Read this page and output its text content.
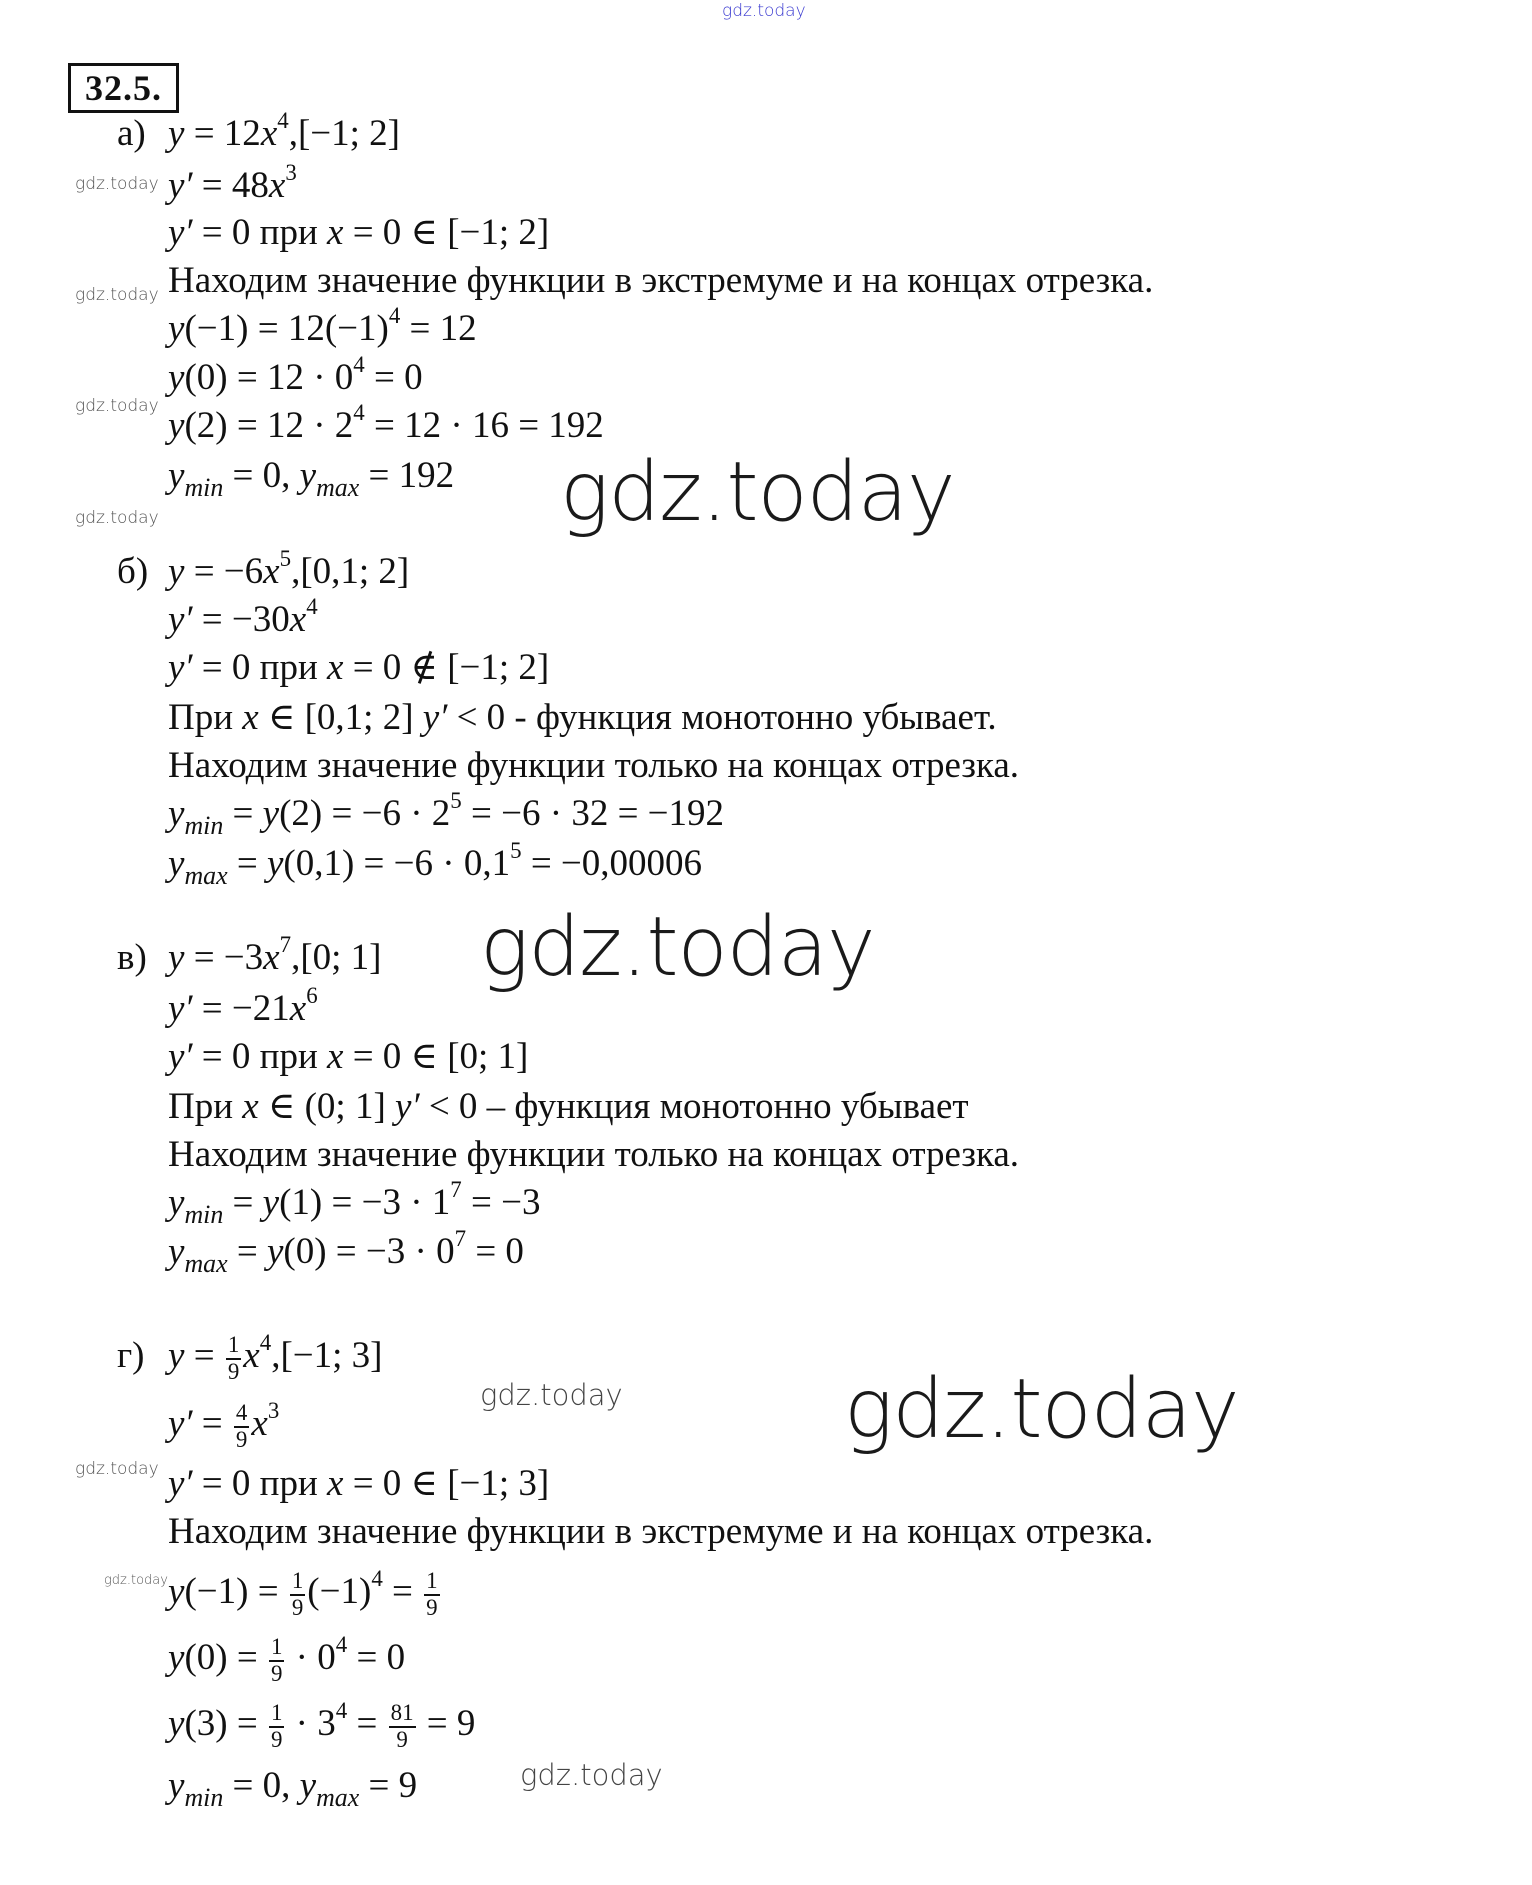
gdz.today
32.5.
а) $y = 12x^4,[-1$; 2]
$y' = 48x^3$
y′ = 0 при x = 0 ∈ [−1; 2]
Находим значение функции в экстремуме и на концах отрезка.
$y(-1) = 12(-1)^4 = 12$
$y(0) = 12 \cdot 0^4 = 0$
$y(2) = 12 \cdot 2^4 = 12 \cdot 16 = 192$
$y_{min} = 0$, $y_{max} = 192$
б) $y = -6x^5,[0,1$; 2]
$y' = -30x^4$
y′ = 0 при x = 0 ∉ [−1; 2]
При x ∈ [0,1; 2] y′ < 0 - функция монотонно убывает.
Находим значение функции только на концах отрезка.
$y_{min} = y(2) = -6 \cdot 2^5 = -6 \cdot 32 = -192$
$y_{max} = y(0,1) = -6 \cdot 0,1^5 = -0,00006$
в) $y = -3x^7,[0$; 1]
$y' = -21x^6$
y′ = 0 при x = 0 ∈ [0; 1]
При x ∈ (0; 1] y′ < 0 – функция монотонно убывает
Находим значение функции только на концах отрезка.
$y_{min} = y(1) = -3 \cdot 1^7 = -3$
$y_{max} = y(0) = -3 \cdot 0^7 = 0$
г) $y = \frac{1}{9} x^4,[-1$; 3]
$y' = \frac{4}{9} x^3$
y′ = 0 при x = 0 ∈ [−1; 3]
Находим значение функции в экстремуме и на концах отрезка.
$y(-1) = \frac{1}{9} (-1)^4 = \frac{1}{9}$
$y(0) = \frac{1}{9} \cdot 0^4 = 0$
$y(3) = \frac{1}{9} \cdot 3^4 = \frac{81}{9} = 9$
$y_{min} = 0$, $y_{max} = 9$
gdz.today
gdz.today
gdz.today
gdz.today
gdz.today
gdz.today
gdz.today
gdz.today
gdz.today
gdz.today
gdz.today
